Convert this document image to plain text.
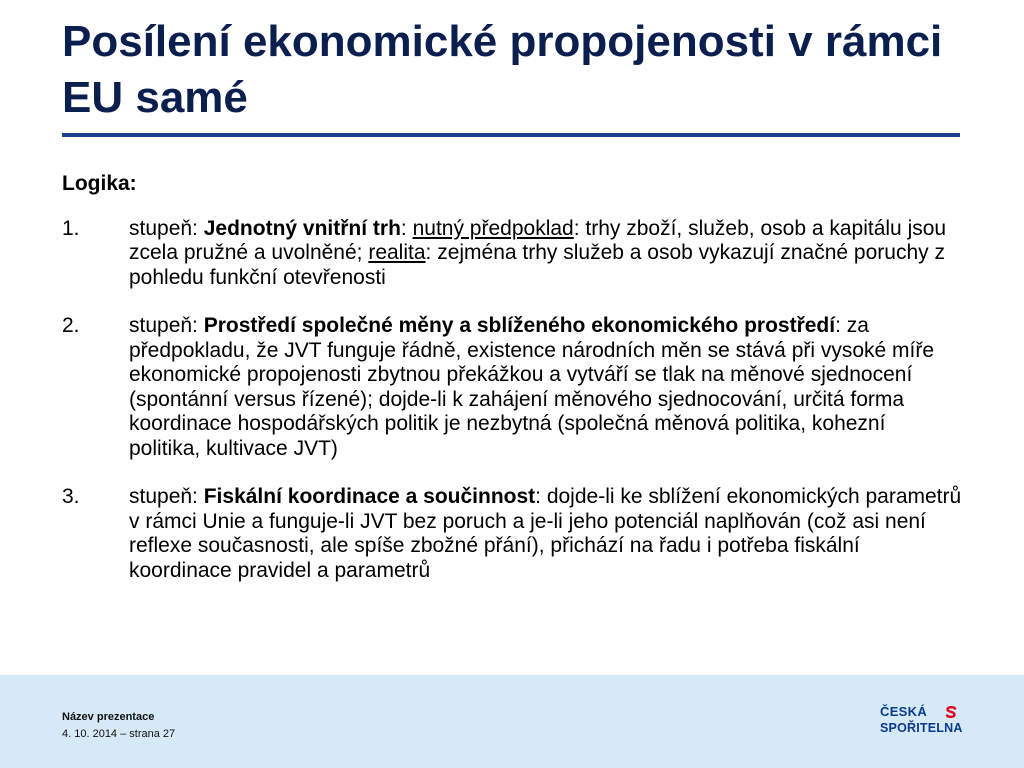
Posílení ekonomické propojenosti v rámci EU samé

Logika:

1.	stupeň: Jednotný vnitřní trh: nutný předpoklad: trhy zboží, služeb, osob a kapitálu jsou zcela pružné a uvolněné; realita: zejména trhy služeb a osob vykazují značné poruchy z pohledu funkční otevřenosti
2.	stupeň: Prostředí společné měny a sblíženého ekonomického prostředí: za předpokladu, že JVT funguje řádně, existence národních měn se stává při vysoké míře ekonomické propojenosti zbytnou překážkou a vytváří se tlak na měnové sjednocení (spontánní versus řízené); dojde-li k zahájení měnového sjednocování, určitá forma koordinace hospodářských politik je nezbytná (společná měnová politika, kohezní politika, kultivace JVT)
3.	stupeň: Fiskální koordinace a součinnost: dojde-li ke sblížení ekonomických parametrů v rámci Unie a funguje-li JVT bez poruch a je-li jeho potenciál naplňován (což asi není reflexe současnosti, ale spíše zbožné přání), přichází na řadu i potřeba fiskální koordinace pravidel a parametrů
Název prezentace
4. 10. 2014 – strana 27
ČESKÁ
SPOŘITELNA
